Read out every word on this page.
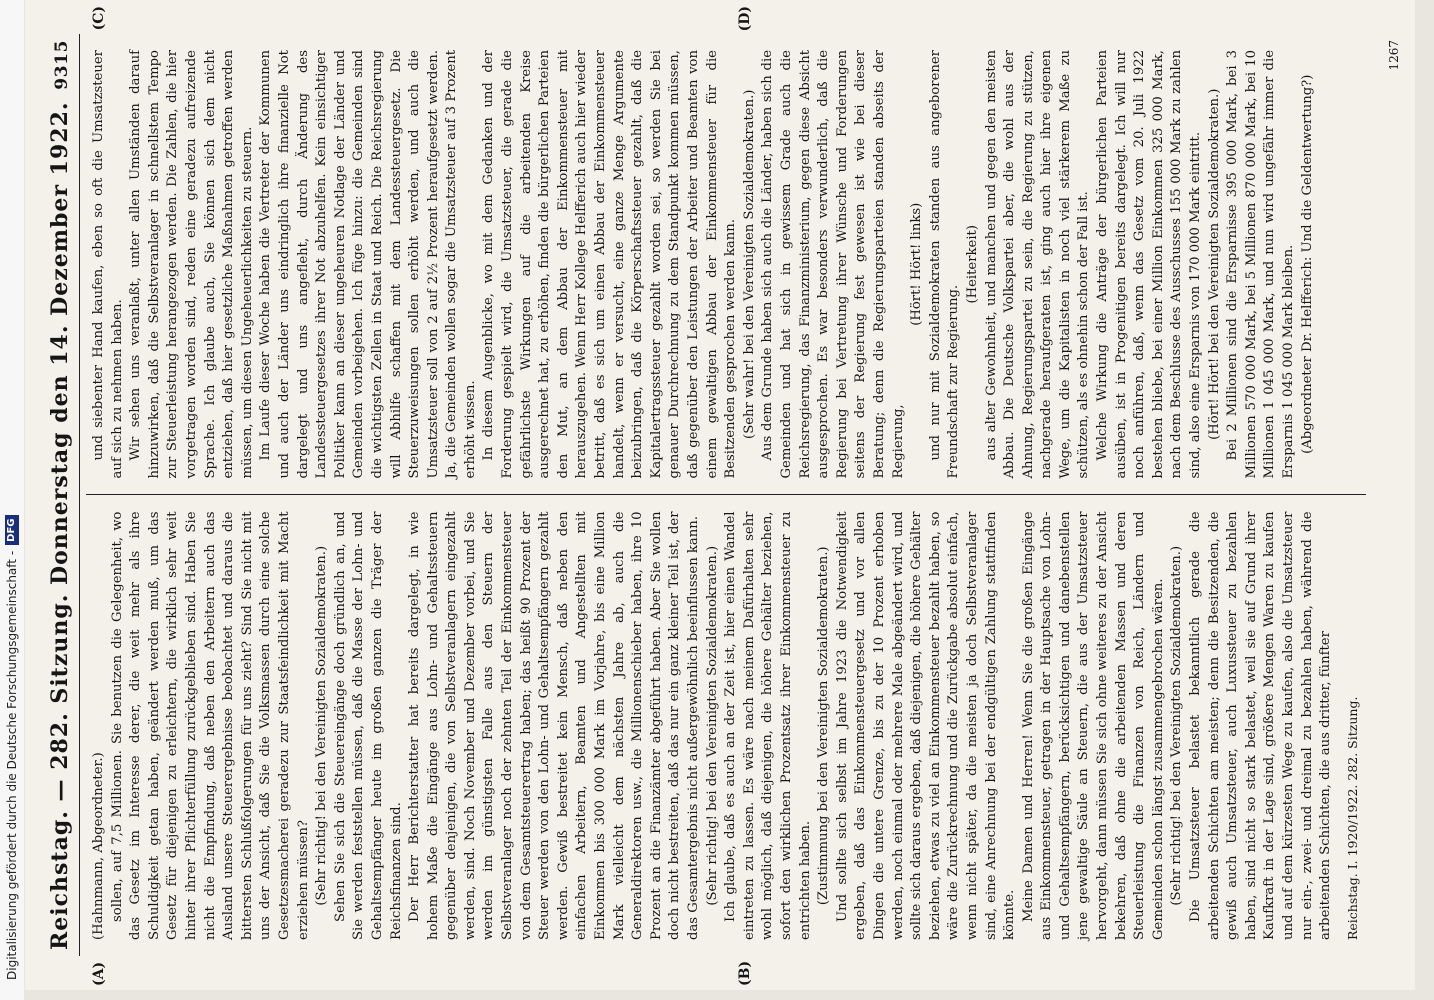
Digitalisierung gefördert durch die Deutsche Forschungsgemeinschaft -
DFG Reichstag. — 282. Sitzung. Donnerstag den 14. Dezember 1922.
9315
(A)	(B)

(Hahnmann, Abgeordneter.) sollen, auf 7,5 Millionen. Sie benutzen die Gelegenheit, wo das Gesetz im Interesse derer, die weit mehr als ihre Schuldigkeit getan haben, geändert werden muß, um das Gesetz für diejenigen zu erleichtern, die wirklich sehr weit hinter ihrer Pflichterfüllung zurückgeblieben sind. Haben Sie nicht die Empfindung, daß neben den Arbeitern auch das Ausland unsere Steuerergebnisse beobachtet und daraus die bittersten Schlußfolgerungen für uns zieht? Sind Sie nicht mit uns der Ansicht, daß Sie die Volksmassen durch eine solche Gesetzesmacherei geradezu zur Staatsfeindlichkeit mit Macht erziehen müssen? (Sehr richtig! bei den Vereinigten Sozialdemokraten.) Sehen Sie sich die Steuereingänge doch gründlich an, und Sie werden feststellen müssen, daß die Masse der Lohn- und Gehaltsempfänger heute im großen ganzen die Träger der Reichsfinanzen sind. Der Herr Berichterstatter hat bereits dargelegt, in wie hohem Maße die Eingänge aus Lohn- und Gehaltssteuern gegenüber denjenigen, die von Selbstveranlagern eingezahlt werden, sind. Noch November und Dezember vorbei, und Sie werden im günstigsten Falle aus den Steuern der Selbstveranlager noch der zehnten Teil der Einkommensteuer von dem Gesamtsteuerertrag haben; das heißt 90 Prozent der Steuer werden von den Lohn- und Gehaltsempfängern gezahlt werden. Gewiß bestreitet kein Mensch, daß neben den einfachen Arbeitern, Beamten und Angestellten mit Einkommen bis 300 000 Mark im Vorjahre, bis eine Million Mark vielleicht dem nächsten Jahre ab, auch die Generaldirektoren usw., die Millionenschieber haben, ihre 10 Prozent an die Finanzämter abgeführt haben. Aber Sie wollen doch nicht bestreiten, daß das nur ein ganz kleiner Teil ist, der das Gesamtergebnis nicht außergewöhnlich beeinflussen kann. (Sehr richtig! bei den Vereinigten Sozialdemokraten.) Ich glaube, daß es auch an der Zeit ist, hier einen Wandel eintreten zu lassen. Es wäre nach meinem Dafürhalten sehr wohl möglich, daß diejenigen, die höhere Gehälter beziehen, sofort den wirklichen Prozentsatz ihrer Einkommensteuer zu entrichten haben. (Zustimmung bei den Vereinigten Sozialdemokraten.) Und sollte sich selbst im Jahre 1923 die Notwendigkeit ergeben, daß das Einkommensteuergesetz und vor allen Dingen die untere Grenze, bis zu der 10 Prozent erhoben werden, noch einmal oder mehrere Male abgeändert wird, und sollte sich daraus ergeben, daß diejenigen, die höhere Gehälter beziehen, etwas zu viel an Einkommensteuer bezahlt haben, so wäre die Zurückrechnung und die Zurückgabe absolut einfach, wenn nicht später, da die meisten ja doch Selbstveranlager sind, eine Anrechnung bei der endgültigen Zahlung stattfinden könnte. Meine Damen und Herren! Wenn Sie die großen Eingänge aus Einkommensteuer, getragen in der Hauptsache von Lohn- und Gehaltsempfängern, berücksichtigen und danebenstellen jene gewaltige Säule an Steuern, die aus der Umsatzsteuer hervorgeht, dann müssen Sie sich ohne weiteres zu der Ansicht bekehren, daß ohne die arbeitenden Massen und deren Steuerleistung die Finanzen von Reich, Ländern und Gemeinden schon längst zusammengebrochen wären. (Sehr richtig! bei den Vereinigten Sozialdemokraten.) Die Umsatzsteuer belastet bekanntlich gerade die arbeitenden Schichten am meisten; denn die Besitzenden, die gewiß auch Umsatzsteuer, auch Luxussteuer zu bezahlen haben, sind nicht so stark belastet, weil sie auf Grund ihrer Kaufkraft in der Lage sind, größere Mengen Waren zu kaufen und auf dem kürzesten Wege zu kaufen, also die Umsatzsteuer nur ein-, zwei- und dreimal zu bezahlen haben, während die arbeitenden Schichten, die aus dritter, fünfter Reichstag. I. 1920/1922. 282. Sitzung.
(C)	(D)

und siebenter Hand kaufen, eben so oft die Umsatzsteuer auf sich zu nehmen haben. Wir sehen uns veranlaßt, unter allen Umständen darauf hinzuwirken, daß die Selbstveranlager in schnellstem Tempo zur Steuerleistung herangezogen werden. Die Zahlen, die hier vorgetragen worden sind, reden eine geradezu aufreizende Sprache. Ich glaube auch, Sie können sich dem nicht entziehen, daß hier gesetzliche Maßnahmen getroffen werden müssen, um diesen Ungeheuerlichkeiten zu steuern. Im Laufe dieser Woche haben die Vertreter der Kommunen und auch der Länder uns eindringlich ihre finanzielle Not dargelegt und uns angefleht, durch Änderung des Landessteuergesetzes ihrer Not abzuhelfen. Kein einsichtiger Politiker kann an dieser ungeheuren Notlage der Länder und Gemeinden vorbeigehen. Ich füge hinzu: die Gemeinden sind die wichtigsten Zellen in Staat und Reich. Die Reichsregierung will Abhilfe schaffen mit dem Landessteuergesetz. Die Steuerzuweisungen sollen erhöht werden, und auch die Umsatzsteuer soll von 2 auf 2½ Prozent heraufgesetzt werden. Ja, die Gemeinden wollen sogar die Umsatzsteuer auf 3 Prozent erhöht wissen. In diesem Augenblicke, wo mit dem Gedanken und der Forderung gespielt wird, die Umsatzsteuer, die gerade die gefährlichste Wirkungen auf die arbeitenden Kreise ausgerechnet hat, zu erhöhen, finden die bürgerlichen Parteien den Mut, an dem Abbau der Einkommensteuer mit herauszugehen. Wenn Herr Kollege Helfferich auch hier wieder betritt, daß es sich um einen Abbau der Einkommensteuer handelt, wenn er versucht, eine ganze Menge Argumente beizubringen, daß die Körperschaftssteuer gezahlt, daß die Kapitalertragssteuer gezahlt worden sei, so werden Sie bei genauer Durchrechnung zu dem Standpunkt kommen müssen, daß gegenüber den Leistungen der Arbeiter und Beamten von einem gewaltigen Abbau der Einkommensteuer für die Besitzenden gesprochen werden kann. (Sehr wahr! bei den Vereinigten Sozialdemokraten.) Aus dem Grunde haben sich auch die Länder, haben sich die Gemeinden und hat sich in gewissem Grade auch die Reichsregierung, das Finanzministerium, gegen diese Absicht ausgesprochen. Es war besonders verwunderlich, daß die Regierung bei Vertretung ihrer Wünsche und Forderungen seitens der Regierung fest gewesen ist wie bei dieser Beratung; denn die Regierungsparteien standen abseits der Regierung,

(Hört! Hört! links) und nur mit Sozialdemokraten standen aus angeborener Freundschaft zur Regierung.

(Heiterkeit) aus alter Gewohnheit, und manchen und gegen den meisten Abbau. Die Deutsche Volkspartei aber, die wohl aus der Ahnung, Regierungspartei zu sein, die Regierung zu stützen, nachgerade heraufgeraten ist, ging auch hier ihre eigenen Wege, um die Kapitalisten in noch viel stärkerem Maße zu schützen, als es ohnehin schon der Fall ist. Welche Wirkung die Anträge der bürgerlichen Parteien ausüben, ist in Progenitigen bereits dargelegt. Ich will nur noch anführen, daß, wenn das Gesetz vom 20. Juli 1922 bestehen bliebe, bei einer Million Einkommen 325 000 Mark, nach dem Beschlusse des Ausschusses 155 000 Mark zu zahlen sind, also eine Ersparnis von 170 000 Mark eintritt. (Hört! Hört! bei den Vereinigten Sozialdemokraten.) Bei 2 Millionen sind die Ersparnisse 395 000 Mark, bei 3 Millionen 570 000 Mark, bei 5 Millionen 870 000 Mark, bei 10 Millionen 1 045 000 Mark, und nun wird ungefähr immer die Ersparnis 1 045 000 Mark bleiben. (Abgeordneter Dr. Helfferich: Und die Geldentwertung?)

1267
